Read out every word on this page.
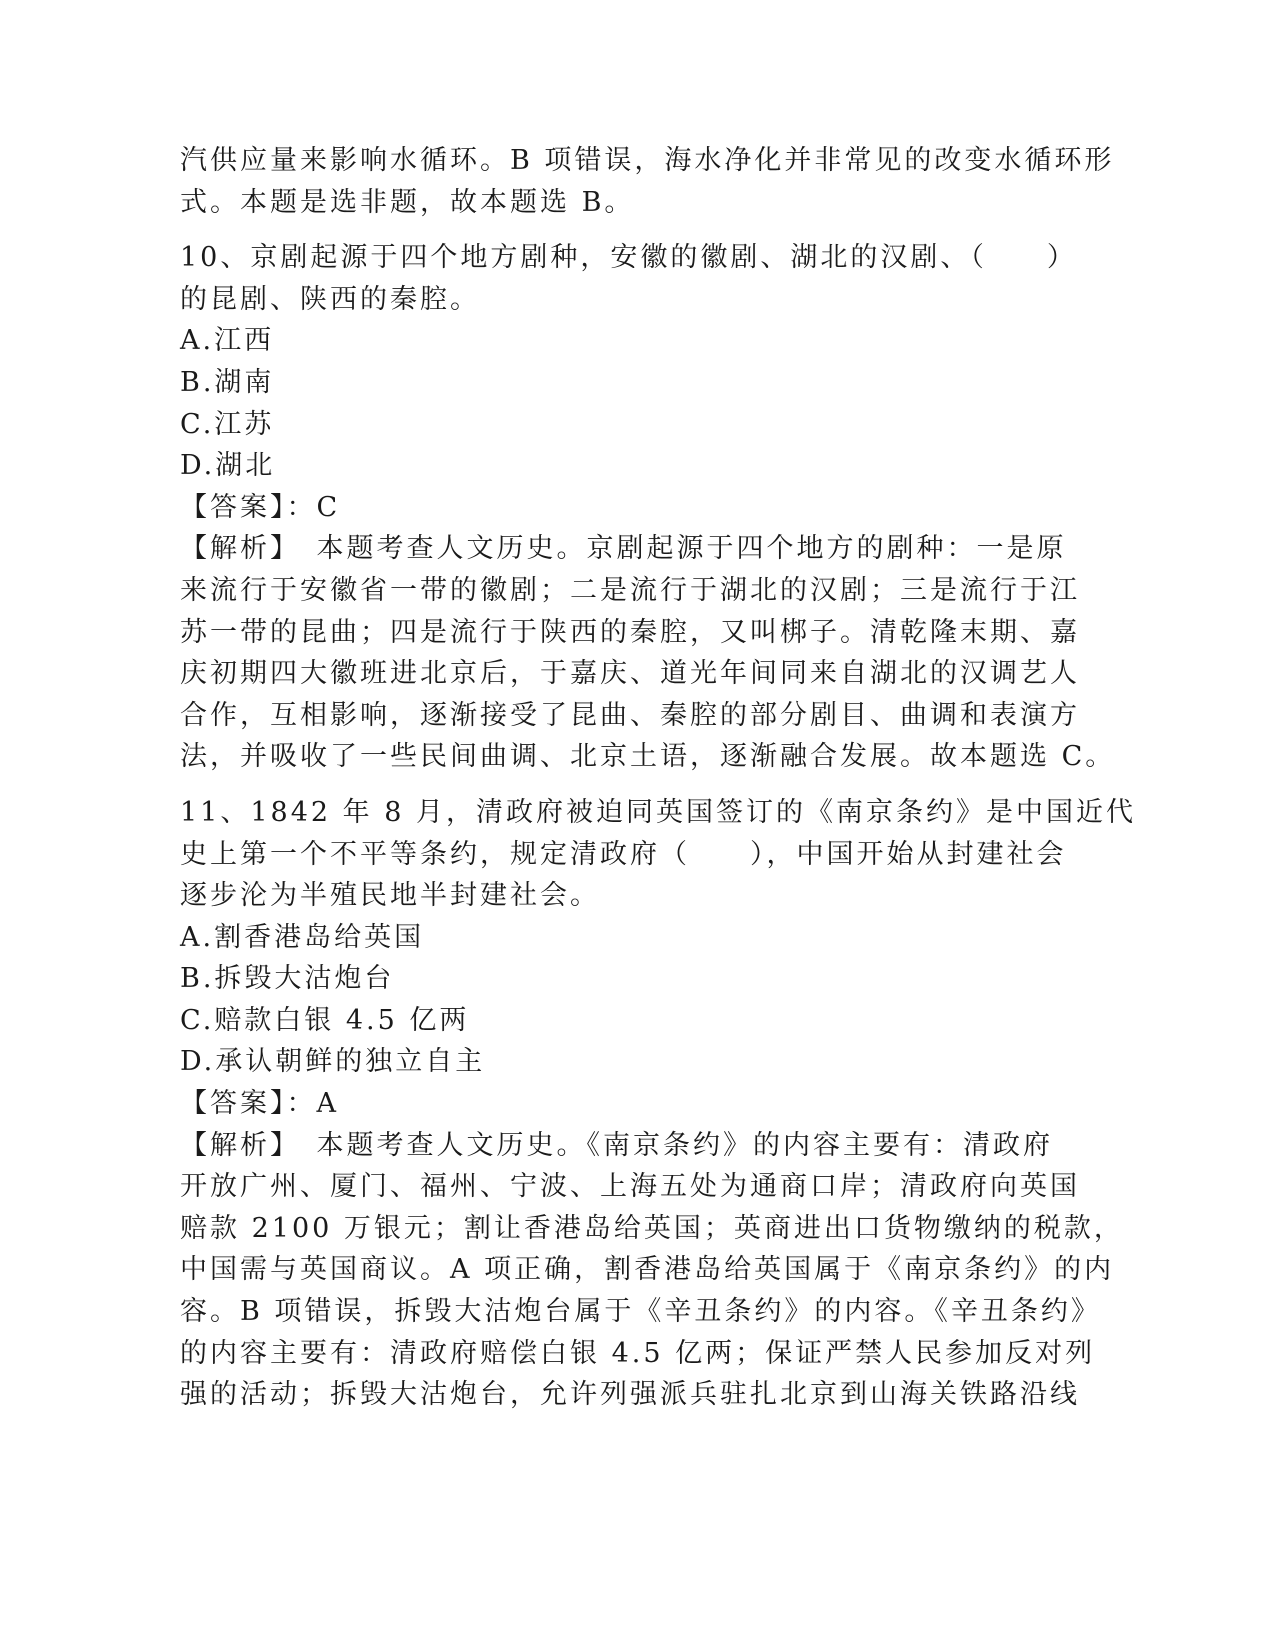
汽供应量来影响水循环。B 项错误，海水净化并非常见的改变水循环形
式。本题是选非题，故本题选 B。
10、京剧起源于四个地方剧种，安徽的徽剧、湖北的汉剧、（　　）
的昆剧、陕西的秦腔。
A.江西
B.湖南
C.江苏
D.湖北
【答案】：C
【解析】　本题考查人文历史。京剧起源于四个地方的剧种：一是原
来流行于安徽省一带的徽剧；二是流行于湖北的汉剧；三是流行于江
苏一带的昆曲；四是流行于陕西的秦腔，又叫梆子。清乾隆末期、嘉
庆初期四大徽班进北京后，于嘉庆、道光年间同来自湖北的汉调艺人
合作，互相影响，逐渐接受了昆曲、秦腔的部分剧目、曲调和表演方
法，并吸收了一些民间曲调、北京土语，逐渐融合发展。故本题选 C。
11、1842 年 8 月，清政府被迫同英国签订的《南京条约》是中国近代
史上第一个不平等条约，规定清政府（　　），中国开始从封建社会
逐步沦为半殖民地半封建社会。
A.割香港岛给英国
B.拆毁大沽炮台
C.赔款白银 4.5 亿两
D.承认朝鲜的独立自主
【答案】：A
【解析】　本题考查人文历史。《南京条约》的内容主要有：清政府
开放广州、厦门、福州、宁波、上海五处为通商口岸；清政府向英国
赔款 2100 万银元；割让香港岛给英国；英商进出口货物缴纳的税款，
中国需与英国商议。A 项正确，割香港岛给英国属于《南京条约》的内
容。B 项错误，拆毁大沽炮台属于《辛丑条约》的内容。《辛丑条约》
的内容主要有：清政府赔偿白银 4.5 亿两；保证严禁人民参加反对列
强的活动；拆毁大沽炮台，允许列强派兵驻扎北京到山海关铁路沿线
